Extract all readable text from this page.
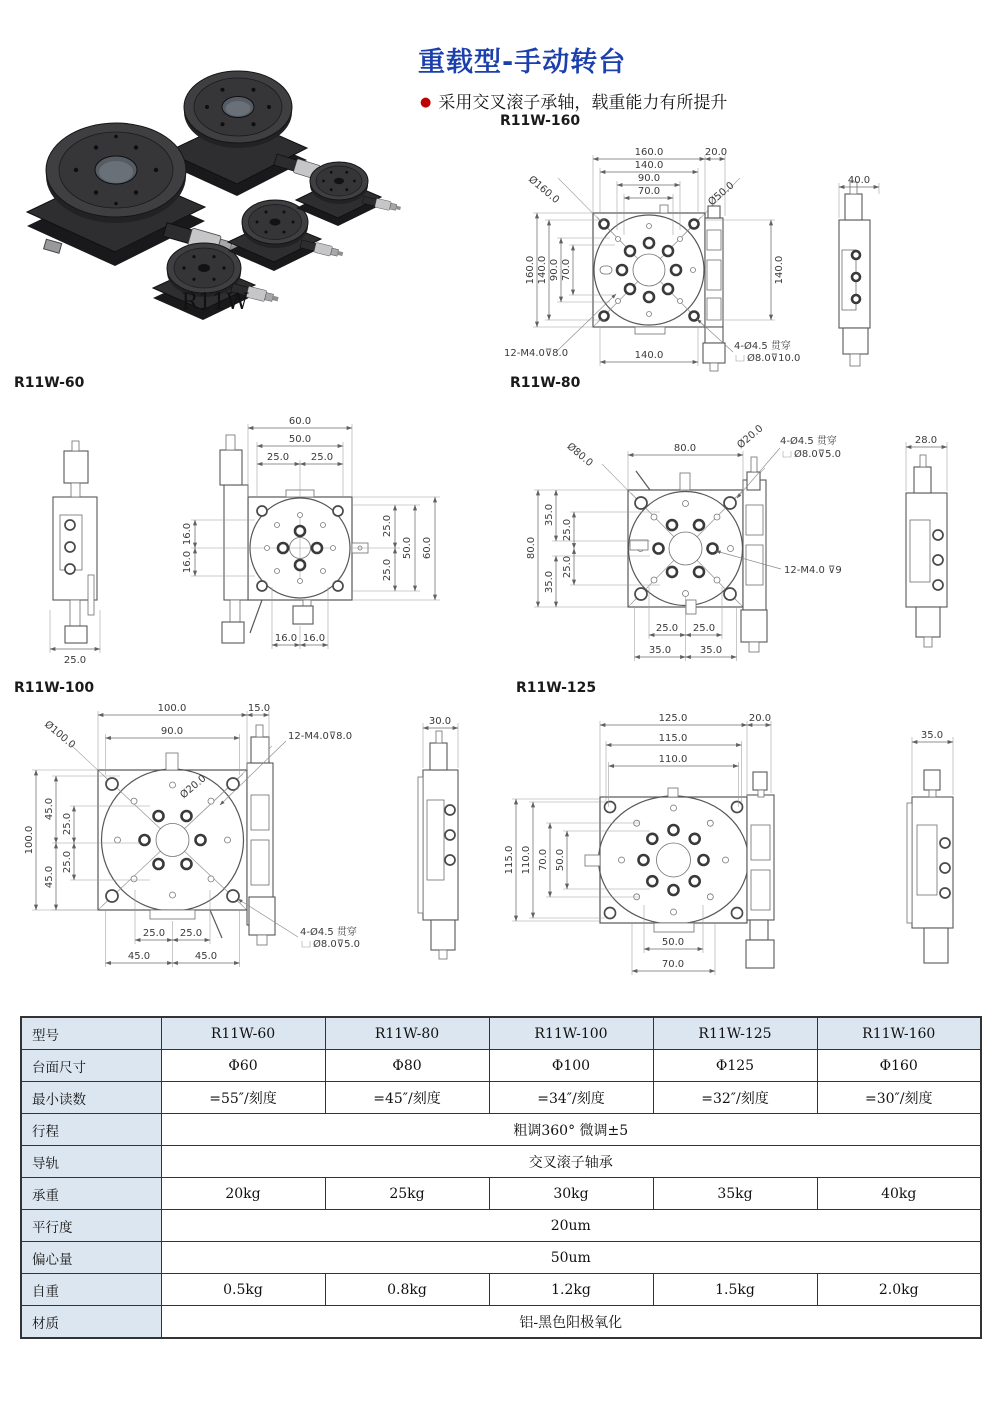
R11W
重载型-手动转台
● 采用交叉滚子承轴，载重能力有所提升
R11W-160
R11W-60	R11W-80
R11W-100	R11W-125
160.0
140.0
90.0
70.0
20.0
Ø160.0	Ø50.0
160.0 140.0 90.0 70.0	140.0
140.0
12-M4.0⊽8.0
4-Ø4.5 贯穿
Ø8.0⊽10.0
40.0
25.0
60.0
50.0
25.0 25.0
16.0
16.0
25.0
25.0
50.0 60.0
16.0 16.0
80.0
Ø80.0
Ø20.0 4-Ø4.5 贯穿
Ø8.0⊽5.0
80.0
35.0
35.0
25.0
25.0	12-M4.0 ⊽9
25.0 25.0
35.0	35.0
28.0
100.0
90.0
15.0
Ø100.0
Ø20.0
12-M4.0⊽8.0
100.0
45.0
45.0
25.0
25.0
25.0 25.0
45.0	45.0
4-Ø4.5 贯穿
Ø8.0⊽5.0
30.0	125.0	20.0
115.0
110.0
115.0 110.0 70.0 50.0
50.0
70.0
35.0
型号	R11W-60	R11W-80	R11W-100	R11W-125	R11W-160
台面尺寸	Φ60	Φ80	Φ100	Φ125	Φ160
最小读数	=55″/刻度	=45″/刻度	=34″/刻度	=32″/刻度	=30″/刻度
行程	粗调360° 微调±5				
导轨	交叉滚子轴承				
承重	20kg	25kg	30kg	35kg	40kg
平行度	20um				
偏心量	50um				
自重	0.5kg	0.8kg	1.2kg	1.5kg	2.0kg
材质	铝-黑色阳极氧化				
